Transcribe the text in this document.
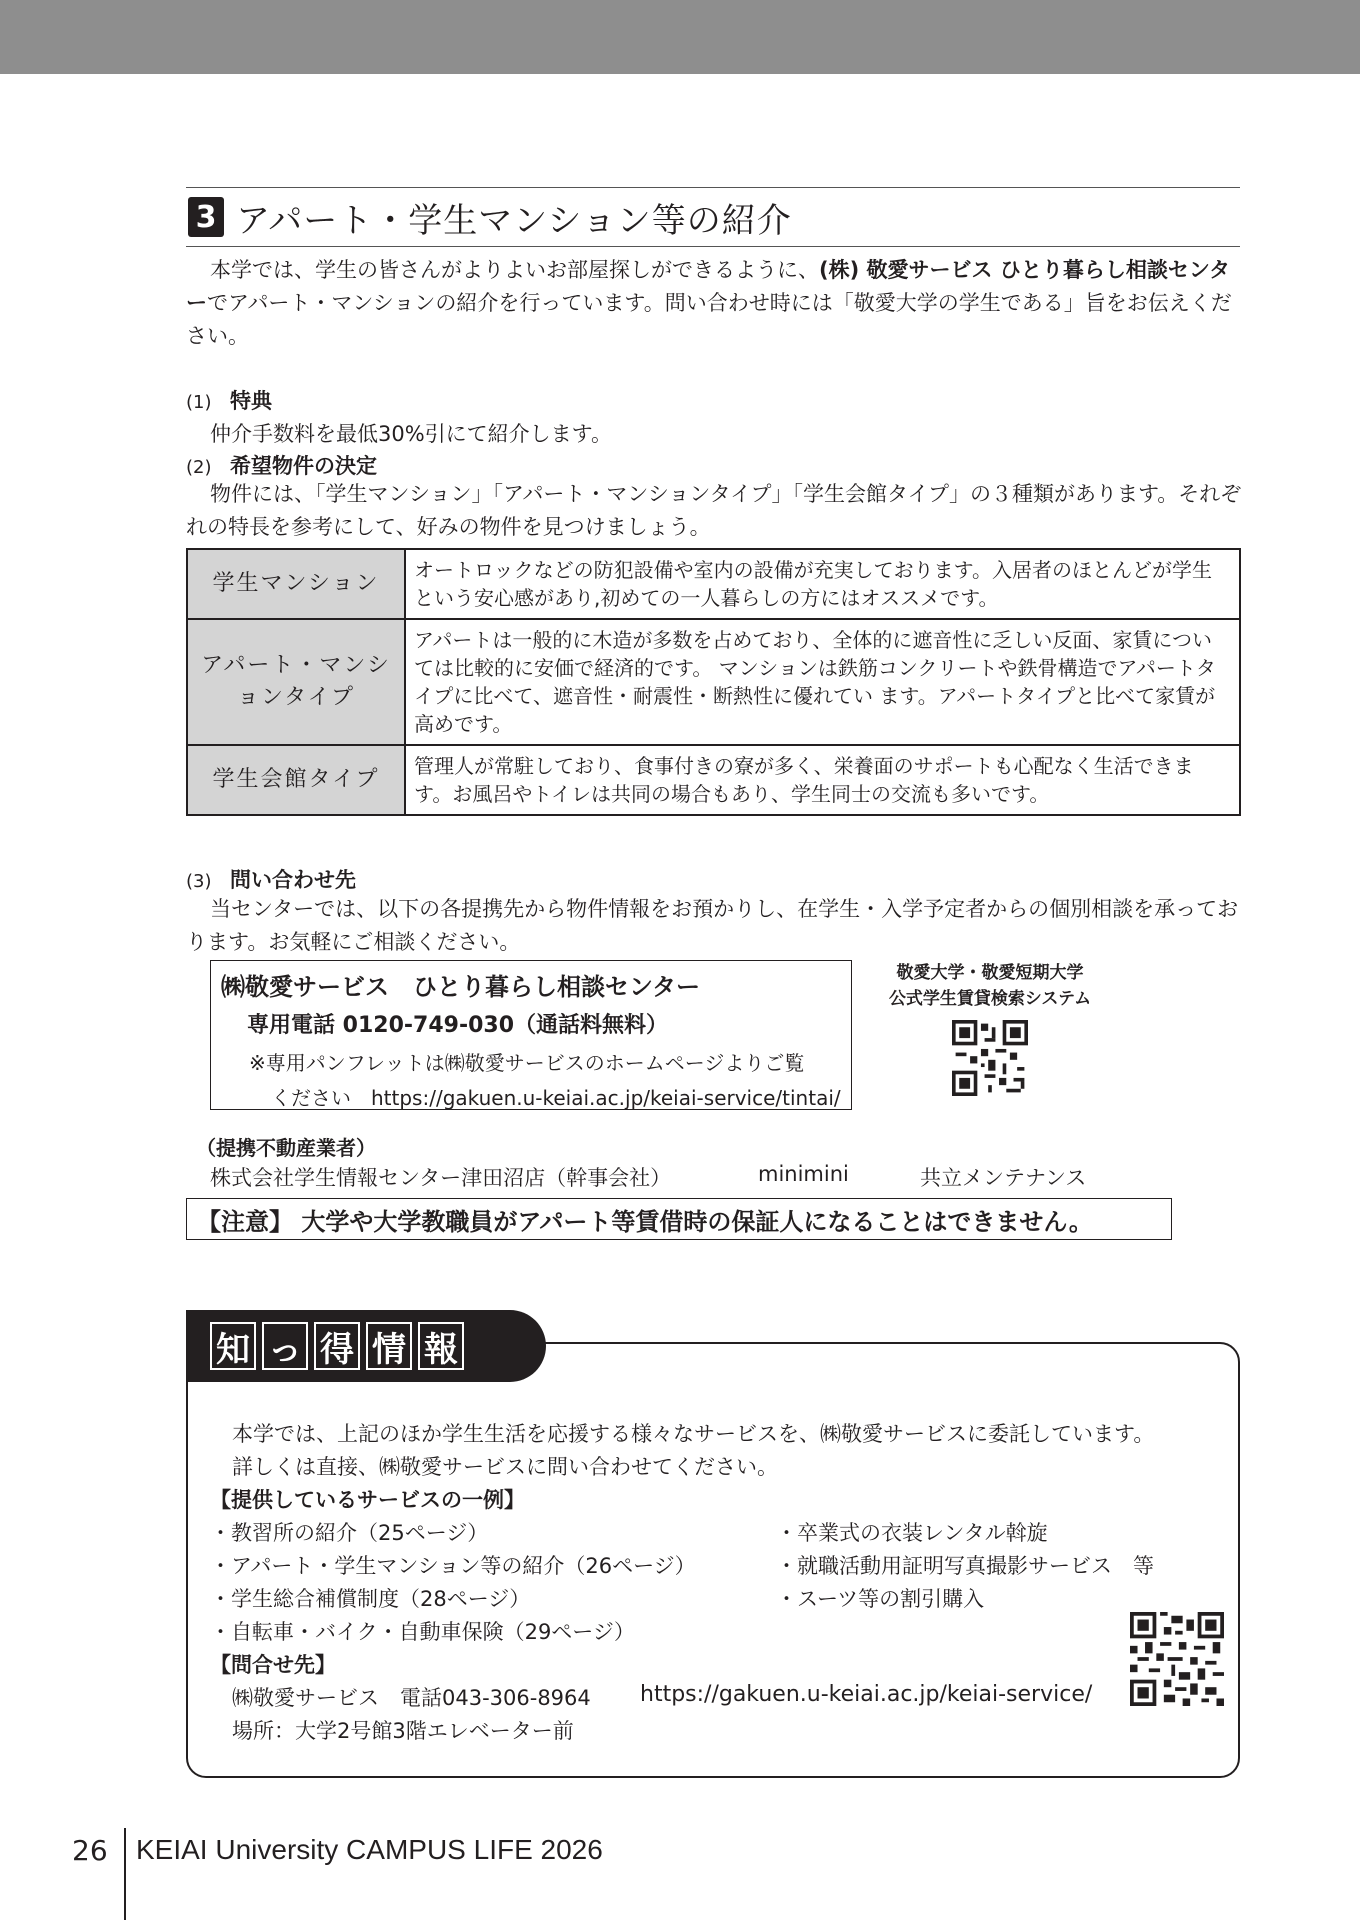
3 アパート・学生マンション等の紹介
本学では、学生の皆さんがよりよいお部屋探しができるように、(株) 敬愛サービス ひとり暮らし相談センターでアパート・マンションの紹介を行っています。問い合わせ時には「敬愛大学の学生である」旨をお伝えください。
(1) 特典
仲介手数料を最低30%引にて紹介します。
(2) 希望物件の決定
物件には、「学生マンション」「アパート・マンションタイプ」「学生会館タイプ」の３種類があります。それぞれの特長を参考にして、好みの物件を見つけましょう。
学生マンション	オートロックなどの防犯設備や室内の設備が充実しております。入居者のほとんどが学生という安心感があり,初めての一人暮らしの方にはオススメです。
アパート・マンションタイプ	アパートは一般的に木造が多数を占めており、全体的に遮音性に乏しい反面、家賃については比較的に安価で経済的です。 マンションは鉄筋コンクリートや鉄骨構造でアパートタイプに比べて、遮音性・耐震性・断熱性に優れてい ます。アパートタイプと比べて家賃が高めです。
学生会館タイプ	管理人が常駐しており、食事付きの寮が多く、栄養面のサポートも心配なく生活できます。お風呂やトイレは共同の場合もあり、学生同士の交流も多いです。
(3) 問い合わせ先
当センターでは、以下の各提携先から物件情報をお預かりし、在学生・入学予定者からの個別相談を承っております。お気軽にご相談ください。
㈱敬愛サービス　ひとり暮らし相談センター
専用電話 0120-749-030（通話料無料）
※専用パンフレットは㈱敬愛サービスのホームページよりご覧
ください　https://gakuen.u-keiai.ac.jp/keiai-service/tintai/
敬愛大学・敬愛短期大学
公式学生賃貸検索システム
（提携不動産業者）
株式会社学生情報センター津田沼店（幹事会社）	minimini	共立メンテナンス
【注意】 大学や大学教職員がアパート等賃借時の保証人になることはできません。
知 っ 得 情 報
本学では、上記のほか学生生活を応援する様々なサービスを、㈱敬愛サービスに委託しています。
詳しくは直接、㈱敬愛サービスに問い合わせてください。
【提供しているサービスの一例】
・教習所の紹介（25ページ）
・アパート・学生マンション等の紹介（26ページ）
・学生総合補償制度（28ページ）
・自転車・バイク・自動車保険（29ページ）
・卒業式の衣装レンタル斡旋
・就職活動用証明写真撮影サービス　等
・スーツ等の割引購入
【問合せ先】
㈱敬愛サービス　電話043-306-8964 https://gakuen.u-keiai.ac.jp/keiai-service/
場所：大学2号館3階エレベーター前
26 KEIAI University CAMPUS LIFE 2026
